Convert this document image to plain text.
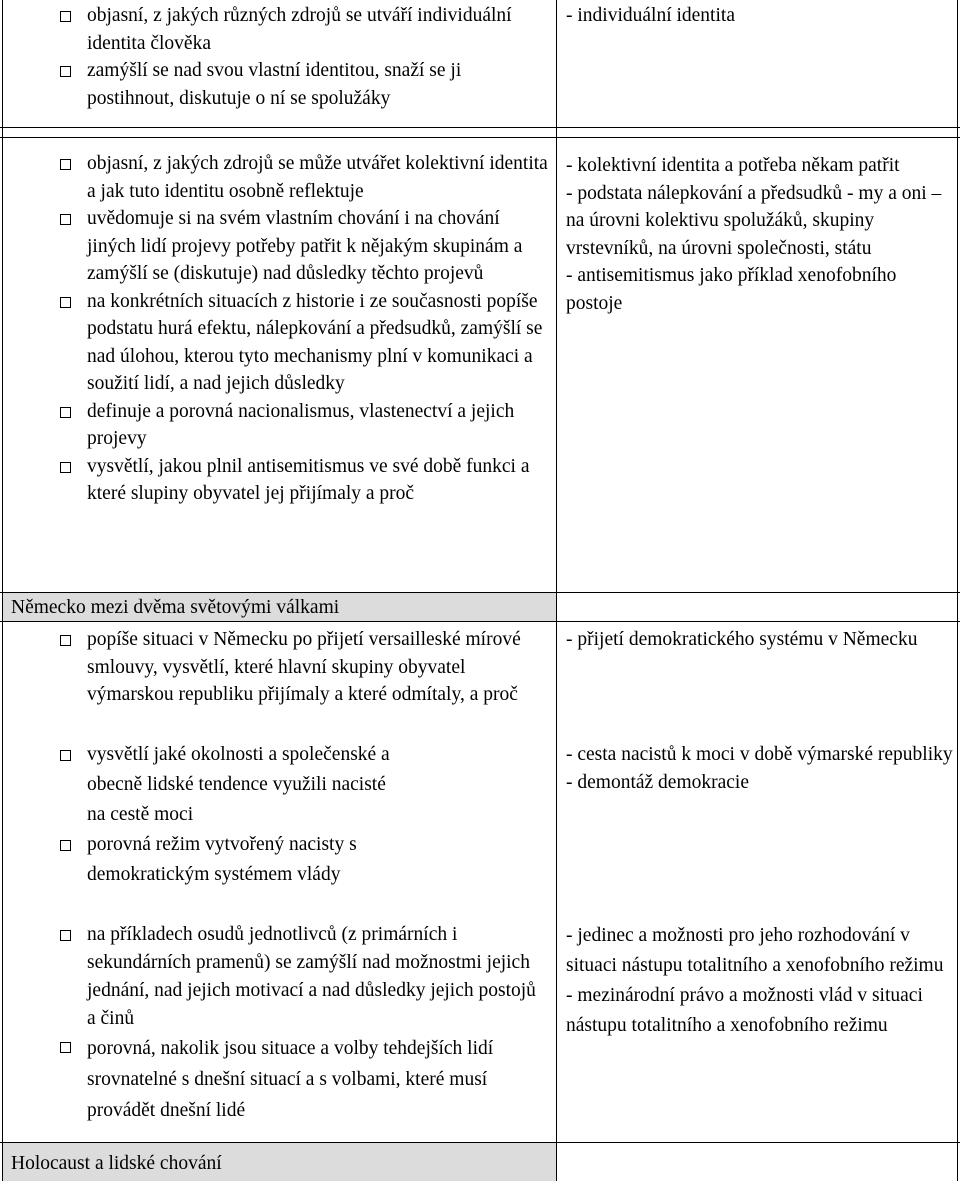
objasní, z jakých různých zdrojů se utváří individuální identita člověka
zamýšlí se nad svou vlastní identitou, snaží se ji postihnout, diskutuje o ní se spolužáky
- individuální identita
objasní, z jakých zdrojů se může utvářet kolektivní identita a jak tuto identitu osobně reflektuje
uvědomuje si na svém vlastním chování i na chování jiných lidí projevy potřeby patřit k nějakým skupinám a zamýšlí se (diskutuje) nad důsledky těchto projevů
na konkrétních situacích z historie i ze současnosti popíše podstatu hurá efektu, nálepkování a předsudků, zamýšlí se nad úlohou, kterou tyto mechanismy plní v komunikaci a soužití lidí, a nad jejich důsledky
definuje a porovná nacionalismus, vlastenectví a jejich projevy
vysvětlí, jakou plnil antisemitismus ve své době funkci a které slupiny obyvatel jej přijímaly a proč
- kolektivní identita a potřeba někam patřit
- podstata nálepkování a předsudků - my a oni – na úrovni kolektivu spolužáků, skupiny vrstevníků, na úrovni společnosti, státu
- antisemitismus jako příklad xenofobního postoje
Německo mezi dvěma světovými válkami
popíše situaci v Německu po přijetí versailleské mírové smlouvy, vysvětlí, které hlavní skupiny obyvatel výmarskou republiku přijímaly a které odmítaly, a proč
- přijetí demokratického systému v Německu
vysvětlí jaké okolnosti a společenské a obecně lidské tendence využili nacisté na cestě moci
porovná režim vytvořený nacisty s demokratickým systémem vlády
- cesta nacistů k moci v době výmarské republiky
- demontáž demokracie
na příkladech osudů jednotlivců (z primárních i sekundárních pramenů) se zamýšlí nad možnostmi jejich jednání, nad jejich motivací a nad důsledky jejich postojů a činů
porovná, nakolik jsou situace a volby tehdejších lidí srovnatelné s dnešní situací a s volbami, které musí provádět dnešní lidé
- jedinec a možnosti pro jeho rozhodování v situaci nástupu totalitního a xenofobního režimu
- mezinárodní právo a možnosti vlád v situaci nástupu totalitního a xenofobního režimu
Holocaust a lidské chování
